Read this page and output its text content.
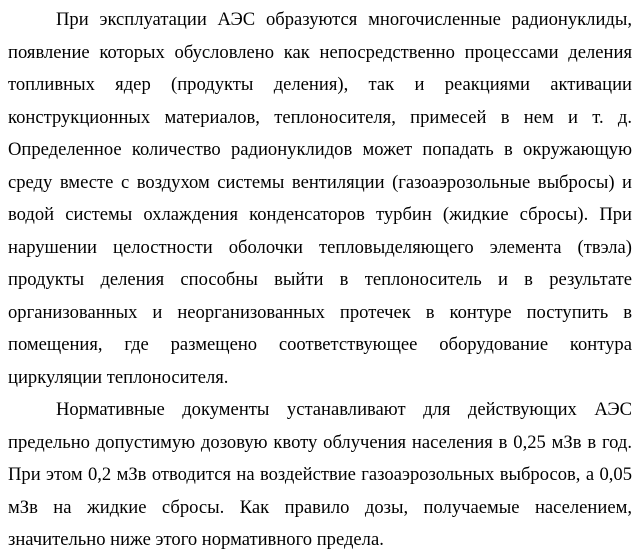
При эксплуатации АЭС образуются многочисленные радионуклиды,
появление которых обусловлено как непосредственно процессами деления
топливных ядер (продукты деления), так и реакциями активации
конструкционных материалов, теплоносителя, примесей в нем и т. д.
Определенное количество радионуклидов может попадать в окружающую
среду вместе с воздухом системы вентиляции (газоаэрозольные выбросы) и
водой системы охлаждения конденсаторов турбин (жидкие сбросы). При
нарушении целостности оболочки тепловыделяющего элемента (твэла)
продукты деления способны выйти в теплоноситель и в результате
организованных и неорганизованных протечек в контуре поступить в
помещения, где размещено соответствующее оборудование контура
циркуляции теплоносителя.
Нормативные документы устанавливают для действующих АЭС
предельно допустимую дозовую квоту облучения населения в 0,25 мЗв в год.
При этом 0,2 мЗв отводится на воздействие газоаэрозольных выбросов, а 0,05
мЗв на жидкие сбросы. Как правило дозы, получаемые населением,
значительно ниже этого нормативного предела.
